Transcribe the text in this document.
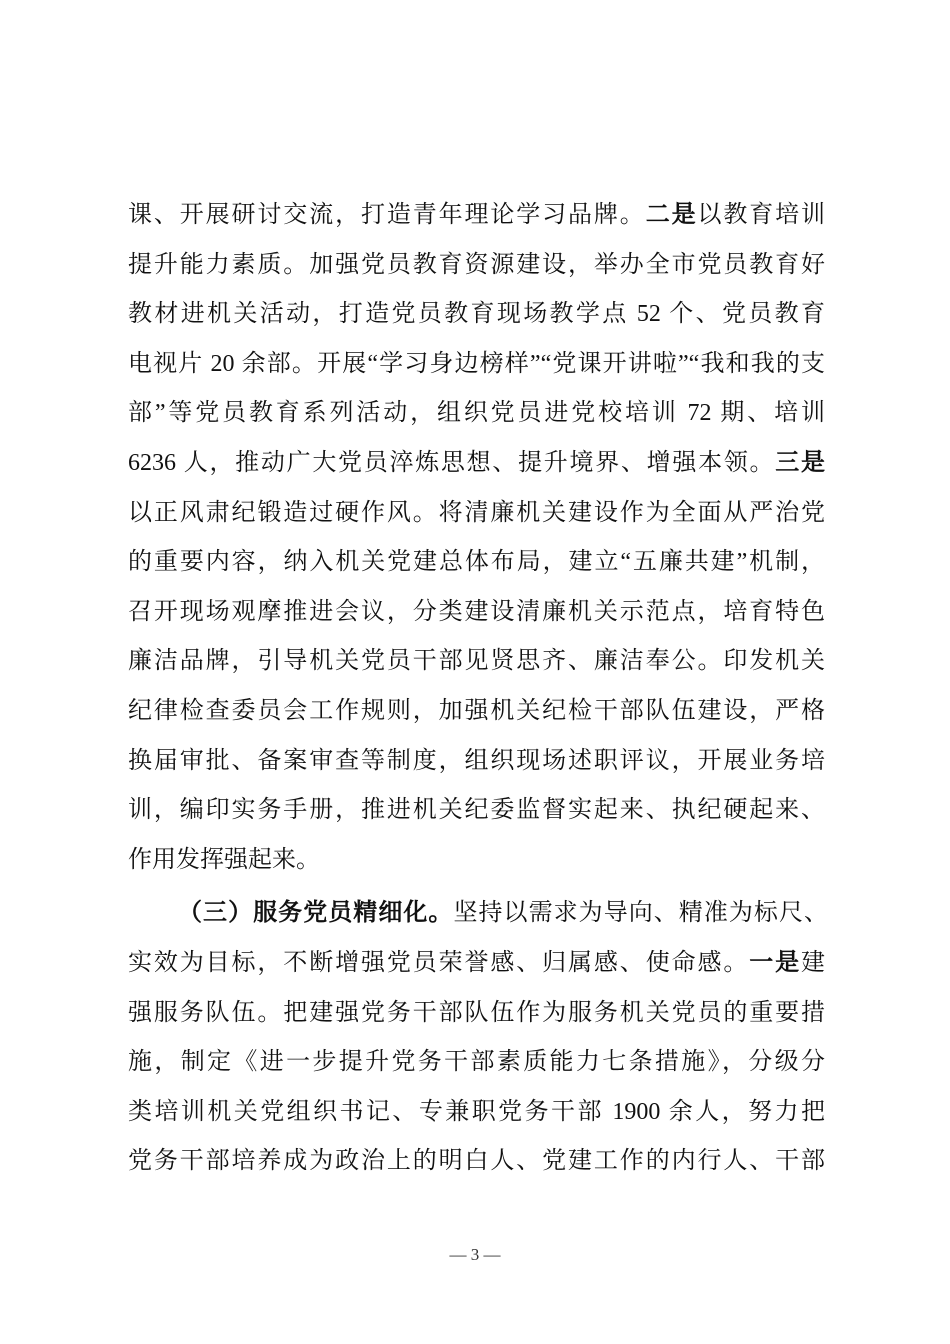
课、开展研讨交流，打造青年理论学习品牌。二是以教育培训
提升能力素质。加强党员教育资源建设，举办全市党员教育好
教材进机关活动，打造党员教育现场教学点 52 个、党员教育
电视片 20 余部。开展“学习身边榜样”“党课开讲啦”“我和我的支
部”等党员教育系列活动，组织党员进党校培训 72 期、培训
6236 人，推动广大党员淬炼思想、提升境界、增强本领。三是
以正风肃纪锻造过硬作风。将清廉机关建设作为全面从严治党
的重要内容，纳入机关党建总体布局，建立“五廉共建”机制，
召开现场观摩推进会议，分类建设清廉机关示范点，培育特色
廉洁品牌，引导机关党员干部见贤思齐、廉洁奉公。印发机关
纪律检查委员会工作规则，加强机关纪检干部队伍建设，严格
换届审批、备案审查等制度，组织现场述职评议，开展业务培
训，编印实务手册，推进机关纪委监督实起来、执纪硬起来、
作用发挥强起来。
（三）服务党员精细化。坚持以需求为导向、精准为标尺、
实效为目标，不断增强党员荣誉感、归属感、使命感。一是建
强服务队伍。把建强党务干部队伍作为服务机关党员的重要措
施，制定《进一步提升党务干部素质能力七条措施》，分级分
类培训机关党组织书记、专兼职党务干部 1900 余人，努力把
党务干部培养成为政治上的明白人、党建工作的内行人、干部
— 3 —
